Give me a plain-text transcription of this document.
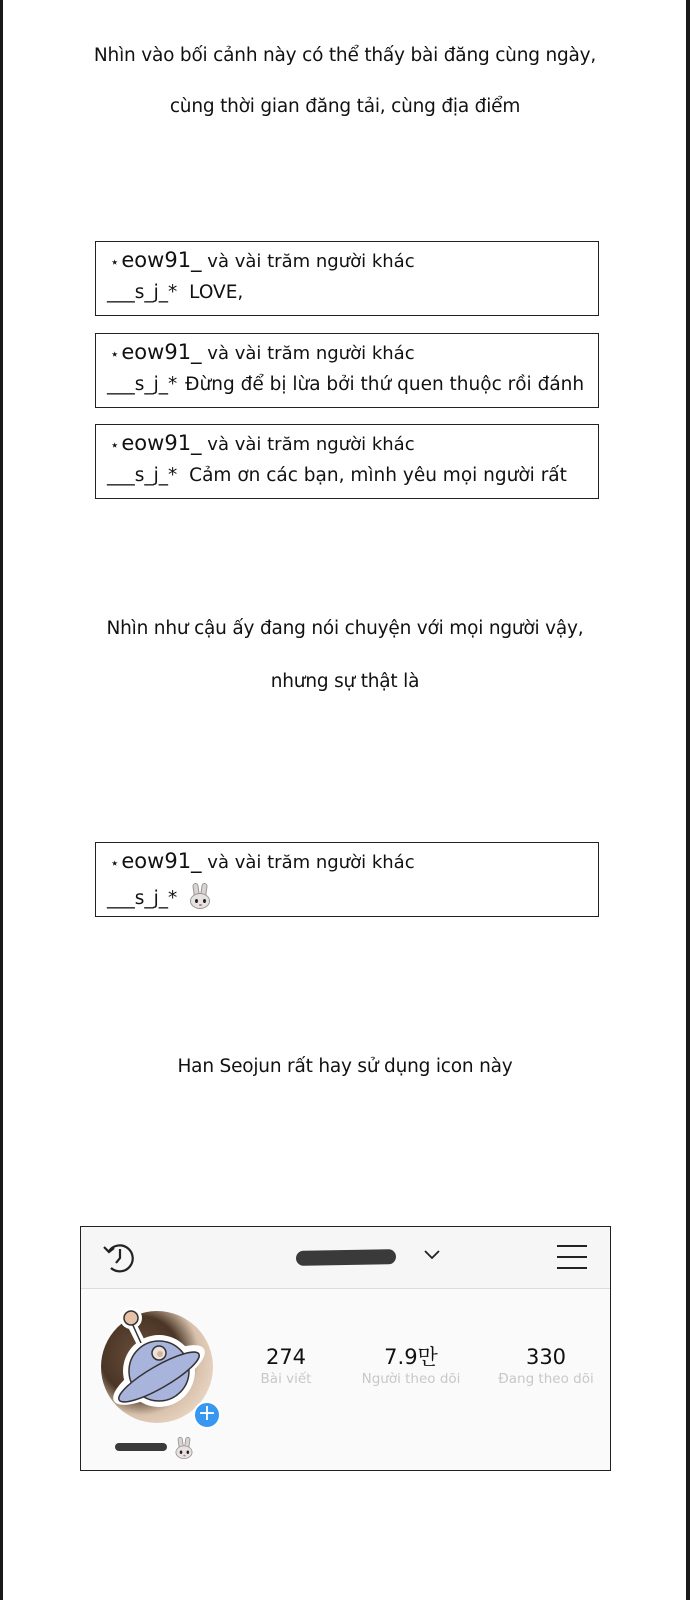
Nhìn vào bối cảnh này có thể thấy bài đăng cùng ngày,
cùng thời gian đăng tải, cùng địa điểm
⋆eow91_ và vài trăm người khác
___s_j_* LOVE,
⋆eow91_ và vài trăm người khác
___s_j_* Đừng để bị lừa bởi thứ quen thuộc rồi đánh
⋆eow91_ và vài trăm người khác
___s_j_* Cảm ơn các bạn, mình yêu mọi người rất
Nhìn như cậu ấy đang nói chuyện với mọi người vậy,
nhưng sự thật là
⋆eow91_ và vài trăm người khác
___s_j_*
Han Seojun rất hay sử dụng icon này
+
274
Bài viết
7.9만
Người theo dõi
330
Đang theo dõi
